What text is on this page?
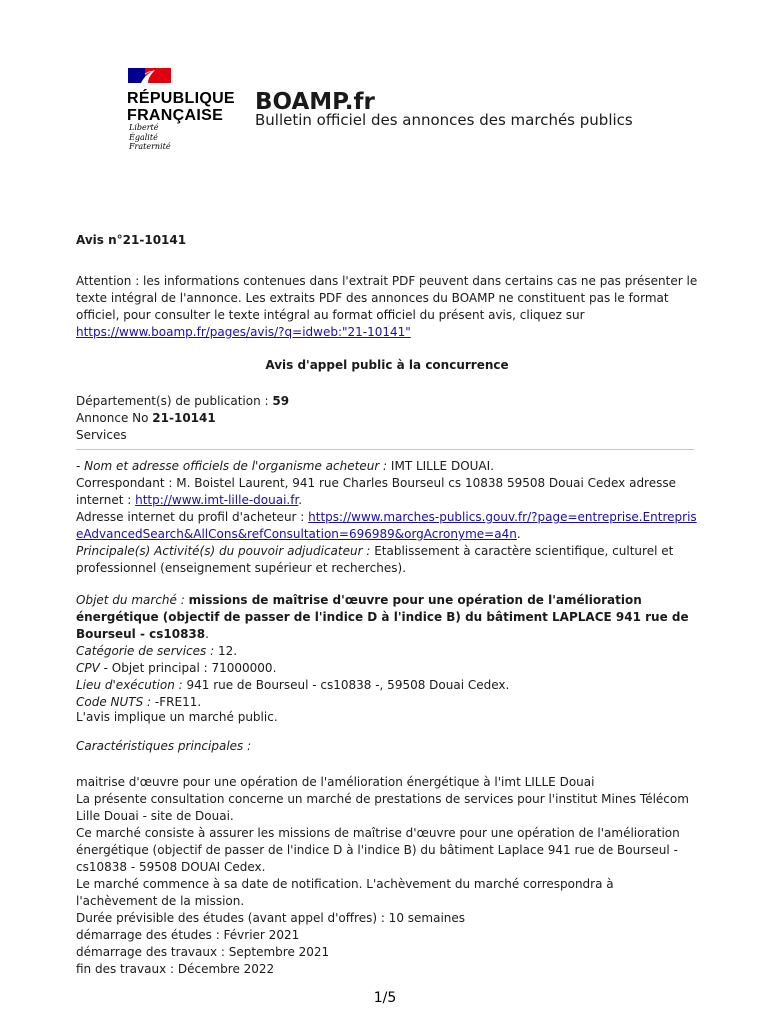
RÉPUBLIQUE
FRANÇAISE
Liberté
Égalité
Fraternité
BOAMP.fr
Bulletin officiel des annonces des marchés publics
Avis n°21-10141
Attention : les informations contenues dans l'extrait PDF peuvent dans certains cas ne pas présenter le texte intégral de l'annonce. Les extraits PDF des annonces du BOAMP ne constituent pas le format officiel, pour consulter le texte intégral au format officiel du présent avis, cliquez sur
https://www.boamp.fr/pages/avis/?q=idweb:"21-10141"
Avis d'appel public à la concurrence
Département(s) de publication : 59
Annonce No 21-10141
Services
- Nom et adresse officiels de l'organisme acheteur : IMT LILLE DOUAI.
Correspondant : M. Boistel Laurent, 941 rue Charles Bourseul cs 10838 59508 Douai Cedex adresse internet : http://www.imt-lille-douai.fr.
Adresse internet du profil d'acheteur : https://www.marches-publics.gouv.fr/?page=entreprise.EntrepriseAdvancedSearch&AllCons&refConsultation=696989&orgAcronyme=a4n.
Principale(s) Activité(s) du pouvoir adjudicateur : Etablissement à caractère scientifique, culturel et professionnel (enseignement supérieur et recherches).
Objet du marché : missions de maîtrise d'œuvre pour une opération de l'amélioration énergétique (objectif de passer de l'indice D à l'indice B) du bâtiment LAPLACE 941 rue de Bourseul - cs10838.
Catégorie de services : 12.
CPV - Objet principal : 71000000.
Lieu d'exécution : 941 rue de Bourseul - cs10838 -, 59508 Douai Cedex.
Code NUTS : -FRE11.
L'avis implique un marché public.
Caractéristiques principales :

maitrise d'œuvre pour une opération de l'amélioration énergétique à l'imt LILLE Douai

La présente consultation concerne un marché de prestations de services pour l'institut Mines Télécom Lille Douai - site de Douai.

Ce marché consiste à assurer les missions de maîtrise d'œuvre pour une opération de l'amélioration énergétique (objectif de passer de l'indice D à l'indice B) du bâtiment Laplace 941 rue de Bourseul - cs10838 - 59508 DOUAI Cedex.

Le marché commence à sa date de notification. L'achèvement du marché correspondra à l'achèvement de la mission.

Durée prévisible des études (avant appel d'offres) : 10 semaines

démarrage des études : Février 2021

démarrage des travaux : Septembre 2021

fin des travaux : Décembre 2022

1/5
